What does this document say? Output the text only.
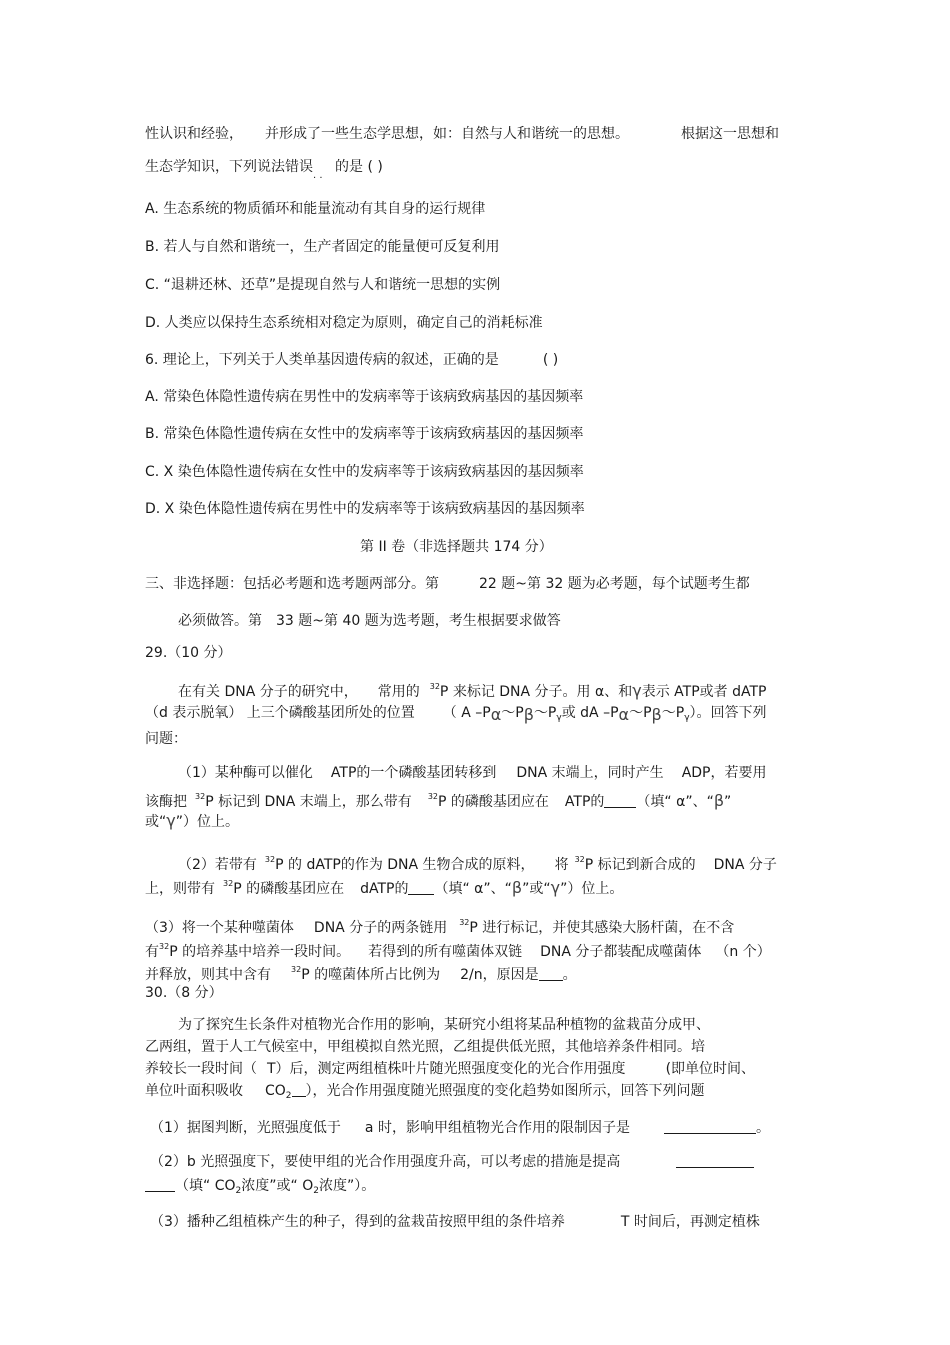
性认识和经验， 并形成了一些生态学思想，如：自然与人和谐统一的思想。	根据这一思想和
生态学知识，下列说法错误 的是 ( )
. .
A. 生态系统的物质循环和能量流动有其自身的运行规律
B. 若人与自然和谐统一，生产者固定的能量便可反复利用
C. “退耕还林、还草”是提现自然与人和谐统一思想的实例
D. 人类应以保持生态系统相对稳定为原则，确定自己的消耗标准
6. 理论上，下列关于人类单基因遗传病的叙述，正确的是	( )
A. 常染色体隐性遗传病在男性中的发病率等于该病致病基因的基因频率
B. 常染色体隐性遗传病在女性中的发病率等于该病致病基因的基因频率
C. X 染色体隐性遗传病在女性中的发病率等于该病致病基因的基因频率
D. X 染色体隐性遗传病在男性中的发病率等于该病致病基因的基因频率
第 II 卷（非选择题共 174 分）
三、非选择题：包括必考题和选考题两部分。第	22 题~第 32 题为必考题，每个试题考生都
必须做答。第 33 题~第 40 题为选考题，考生根据要求做答
29.（10 分）
在有关 DNA 分子的研究中， 常用的 $^{32}$P 来标记 DNA 分子。用 α、和γ表示 ATP或者 dATP
（d 表示脱氧） 上三个磷酸基团所处的位置 （ A $-P_\alpha\sim P_\beta\sim P_\gamma$或 dA $-P_\alpha\sim P_\beta\sim P_\gamma$）。回答下列
问题：
（1）某种酶可以催化 ATP的一个磷酸基团转移到 DNA 末端上，同时产生 ADP，若要用
该酶把 $^{32}$P 标记到 DNA 末端上，那么带有 $^{32}$P 的磷酸基团应在 ATP的 （填“ α”、“β”
或“γ”）位上。
（2）若带有 $^{32}$P 的 dATP的作为 DNA 生物合成的原料， 将 $^{32}$P 标记到新合成的 DNA 分子
上，则带有 $^{32}$P 的磷酸基团应在 dATP的 （填“ α”、“β”或“γ”）位上。
（3）将一个某种噬菌体 DNA 分子的两条链用 $^{32}$P 进行标记，并使其感染大肠杆菌，在不含
有$^{32}$P 的培养基中培养一段时间。 若得到的所有噬菌体双链 DNA 分子都装配成噬菌体 （n 个）
并释放，则其中含有	$^{32}$P 的噬菌体所占比例为 2/n，原因是 。
30.（8 分）
为了探究生长条件对植物光合作用的影响，某研究小组将某品种植物的盆栽苗分成甲、
乙两组，置于人工气候室中，甲组模拟自然光照，乙组提供低光照，其他培养条件相同。培
养较长一段时间（ T）后，测定两组植株叶片随光照强度变化的光合作用强度	(即单位时间、
单位叶面积吸收 $CO_2$ ），光合作用强度随光照强度的变化趋势如图所示，回答下列问题
（1）据图判断，光照强度低于 a 时，影响甲组植物光合作用的限制因子是	。
（2）b 光照强度下，要使甲组的光合作用强度升高，可以考虑的措施是提高
（填“ $CO_2$浓度”或“ $O_2$浓度”）。
（3）播种乙组植株产生的种子，得到的盆栽苗按照甲组的条件培养	T 时间后，再测定植株
